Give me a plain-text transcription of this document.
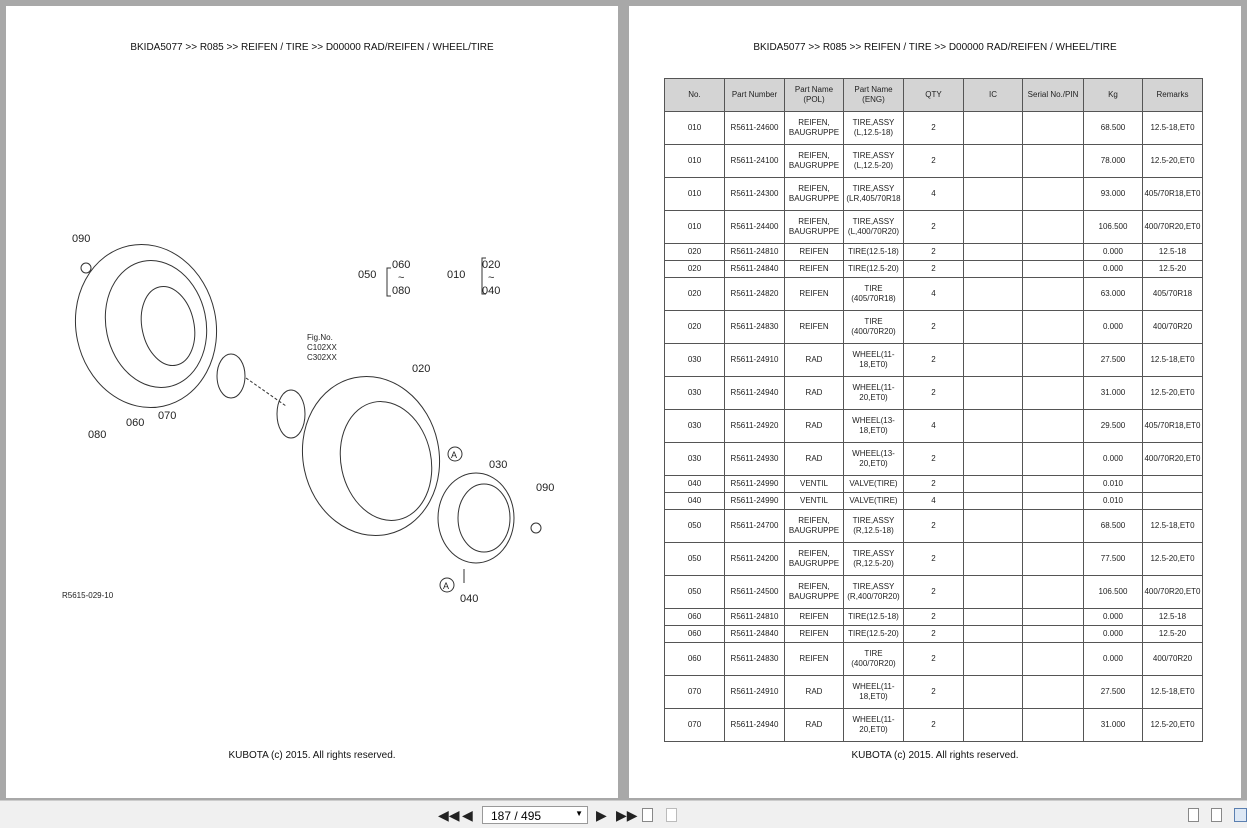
BKIDA5077 >> R085 >> REIFEN / TIRE >> D00000 RAD/REIFEN / WHEEL/TIRE
090
080
060
070
050
060
~
080
010
020
~
040
020
030
090
040
A
A
Fig.No.
C102XX
C302XX
R5615-029-10
KUBOTA (c) 2015. All rights reserved.
BKIDA5077 >> R085 >> REIFEN / TIRE >> D00000 RAD/REIFEN / WHEEL/TIRE
No.	Part Number	Part Name (POL)	Part Name (ENG)	QTY	IC	Serial No./PIN	Kg	Remarks
010	R5611-24600	REIFEN, BAUGRUPPE	TIRE,ASSY (L,12.5-18)	2			68.500	12.5-18,ET0
010	R5611-24100	REIFEN, BAUGRUPPE	TIRE,ASSY (L,12.5-20)	2			78.000	12.5-20,ET0
010	R5611-24300	REIFEN, BAUGRUPPE	TIRE,ASSY (LR,405/70R18	4			93.000	405/70R18,ET0
010	R5611-24400	REIFEN, BAUGRUPPE	TIRE,ASSY (L,400/70R20)	2			106.500	400/70R20,ET0
020	R5611-24810	REIFEN	TIRE(12.5-18)	2			0.000	12.5-18
020	R5611-24840	REIFEN	TIRE(12.5-20)	2			0.000	12.5-20
020	R5611-24820	REIFEN	TIRE (405/70R18)	4			63.000	405/70R18
020	R5611-24830	REIFEN	TIRE (400/70R20)	2			0.000	400/70R20
030	R5611-24910	RAD	WHEEL(11-18,ET0)	2			27.500	12.5-18,ET0
030	R5611-24940	RAD	WHEEL(11-20,ET0)	2			31.000	12.5-20,ET0
030	R5611-24920	RAD	WHEEL(13-18,ET0)	4			29.500	405/70R18,ET0
030	R5611-24930	RAD	WHEEL(13-20,ET0)	2			0.000	400/70R20,ET0
040	R5611-24990	VENTIL	VALVE(TIRE)	2			0.010	
040	R5611-24990	VENTIL	VALVE(TIRE)	4			0.010	
050	R5611-24700	REIFEN, BAUGRUPPE	TIRE,ASSY (R,12.5-18)	2			68.500	12.5-18,ET0
050	R5611-24200	REIFEN, BAUGRUPPE	TIRE,ASSY (R,12.5-20)	2			77.500	12.5-20,ET0
050	R5611-24500	REIFEN, BAUGRUPPE	TIRE,ASSY (R,400/70R20)	2			106.500	400/70R20,ET0
060	R5611-24810	REIFEN	TIRE(12.5-18)	2			0.000	12.5-18
060	R5611-24840	REIFEN	TIRE(12.5-20)	2			0.000	12.5-20
060	R5611-24830	REIFEN	TIRE (400/70R20)	2			0.000	400/70R20
070	R5611-24910	RAD	WHEEL(11-18,ET0)	2			27.500	12.5-18,ET0
070	R5611-24940	RAD	WHEEL(11-20,ET0)	2			31.000	12.5-20,ET0
KUBOTA (c) 2015. All rights reserved.
◀◀ ◀	187 / 495	▼ ▶ ▶▶
